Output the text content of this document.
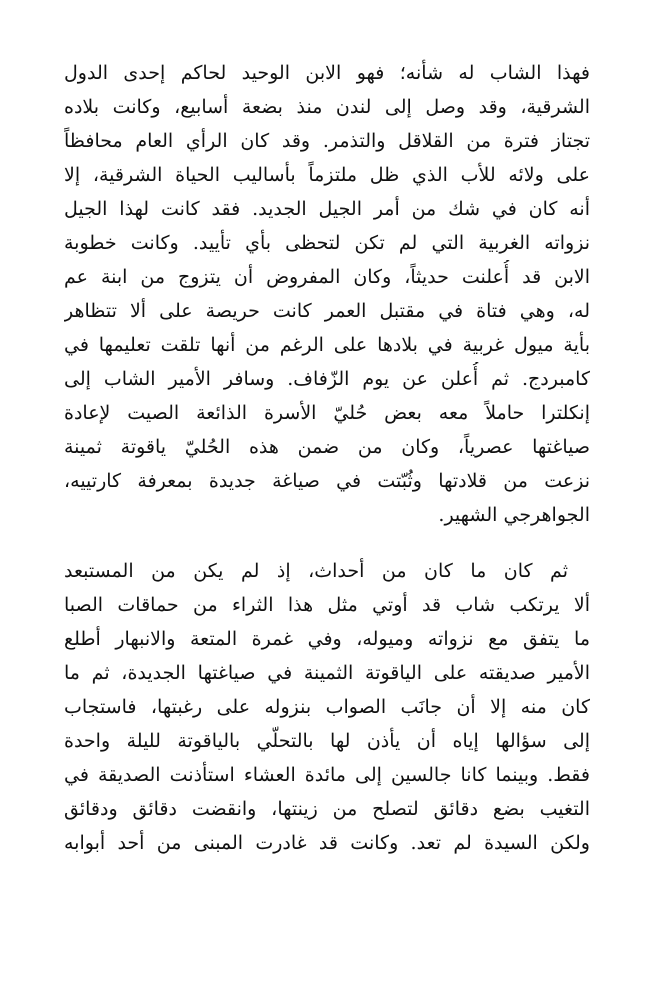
فهذا الشاب له شأنه؛ فهو الابن الوحيد لحاكم إحدى الدول
الشرقية، وقد وصل إلى لندن منذ بضعة أسابيع، وكانت بلاده
تجتاز فترة من القلاقل والتذمر. وقد كان الرأي العام محافظاً
على ولائه للأب الذي ظل ملتزماً بأساليب الحياة الشرقية، إلا
أنه كان في شك من أمر الجيل الجديد. فقد كانت لهذا الجيل
نزواته الغربية التي لم تكن لتحظى بأي تأييد. وكانت خطوبة
الابن قد أُعلنت حديثاً، وكان المفروض أن يتزوج من ابنة عم
له، وهي فتاة في مقتبل العمر كانت حريصة على ألا تتظاهر
بأية ميول غربية في بلادها على الرغم من أنها تلقت تعليمها في
كامبردج. ثم أُعلن عن يوم الزّفاف. وسافر الأمير الشاب إلى
إنكلترا حاملاً معه بعض حُليّ الأسرة الذائعة الصيت لإعادة
صياغتها عصرياً، وكان من ضمن هذه الحُليّ ياقوتة ثمينة
نزعت من قلادتها وثُبّتت في صياغة جديدة بمعرفة كارتييه،
الجواهرجي الشهير.
ثم كان ما كان من أحداث، إذ لم يكن من المستبعد
ألا يرتكب شاب قد أوتي مثل هذا الثراء من حماقات الصبا
ما يتفق مع نزواته وميوله، وفي غمرة المتعة والانبهار أطلع
الأمير صديقته على الياقوتة الثمينة في صياغتها الجديدة، ثم ما
كان منه إلا أن جانَب الصواب بنزوله على رغبتها، فاستجاب
إلى سؤالها إياه أن يأذن لها بالتحلّي بالياقوتة لليلة واحدة
فقط. وبينما كانا جالسين إلى مائدة العشاء استأذنت الصديقة في
التغيب بضع دقائق لتصلح من زينتها، وانقضت دقائق ودقائق
ولكن السيدة لم تعد. وكانت قد غادرت المبنى من أحد أبوابه
